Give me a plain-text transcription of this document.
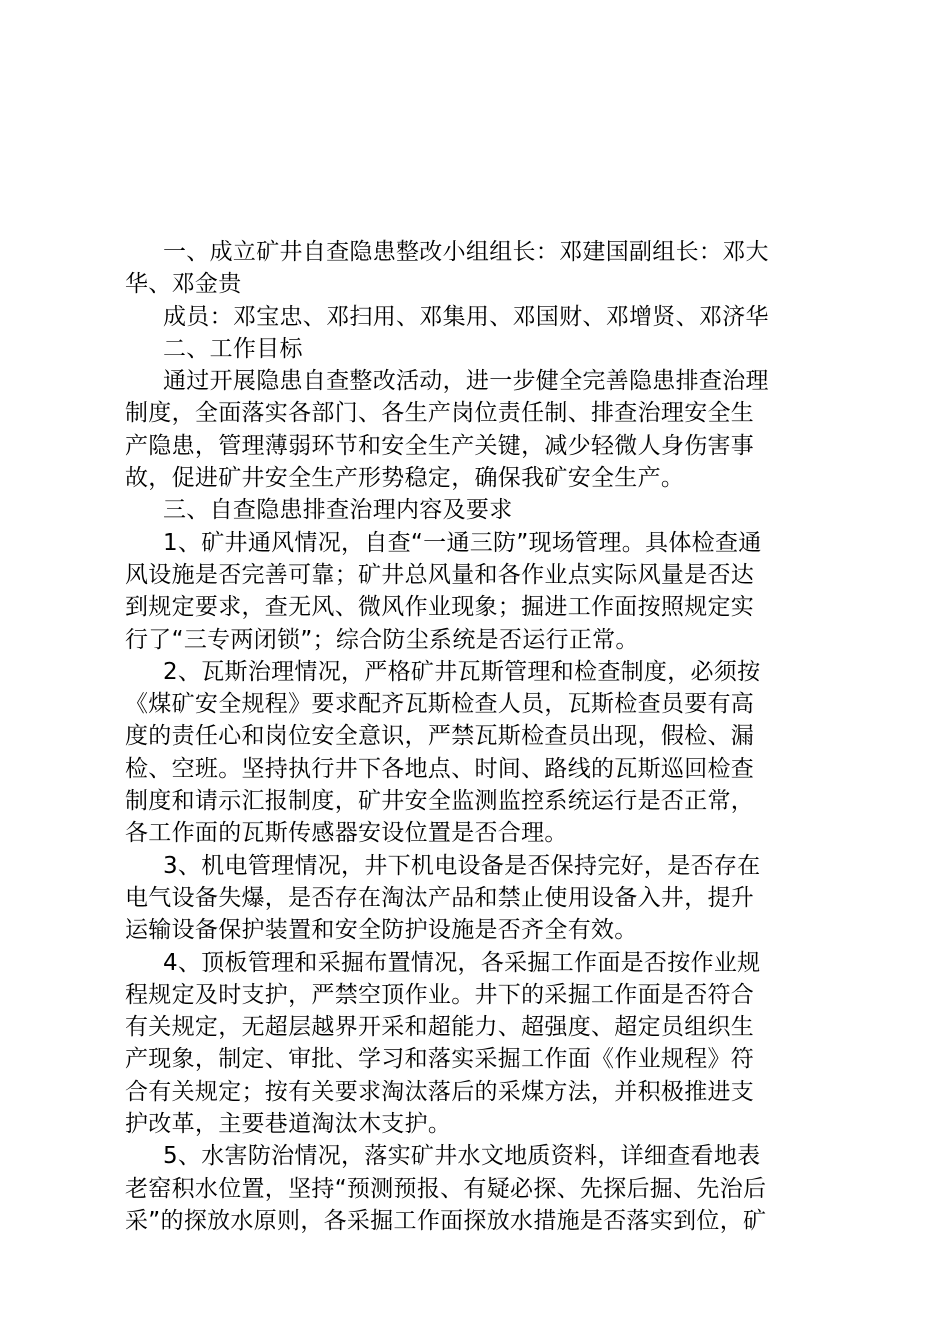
一、成立矿井自查隐患整改小组组长：邓建国副组长：邓大
华、邓金贵
成员：邓宝忠、邓扫用、邓集用、邓国财、邓增贤、邓济华
二、工作目标
通过开展隐患自查整改活动，进一步健全完善隐患排查治理
制度，全面落实各部门、各生产岗位责任制、排查治理安全生
产隐患，管理薄弱环节和安全生产关键，减少轻微人身伤害事
故，促进矿井安全生产形势稳定，确保我矿安全生产。
三、自查隐患排查治理内容及要求
1、矿井通风情况，自查“一通三防”现场管理。具体检查通
风设施是否完善可靠；矿井总风量和各作业点实际风量是否达
到规定要求，查无风、微风作业现象；掘进工作面按照规定实
行了“三专两闭锁”；综合防尘系统是否运行正常。
2、瓦斯治理情况，严格矿井瓦斯管理和检查制度，必须按
《煤矿安全规程》要求配齐瓦斯检查人员，瓦斯检查员要有高
度的责任心和岗位安全意识，严禁瓦斯检查员出现，假检、漏
检、空班。坚持执行井下各地点、时间、路线的瓦斯巡回检查
制度和请示汇报制度，矿井安全监测监控系统运行是否正常，
各工作面的瓦斯传感器安设位置是否合理。
3、机电管理情况，井下机电设备是否保持完好，是否存在
电气设备失爆，是否存在淘汰产品和禁止使用设备入井，提升
运输设备保护装置和安全防护设施是否齐全有效。
4、顶板管理和采掘布置情况，各采掘工作面是否按作业规
程规定及时支护，严禁空顶作业。井下的采掘工作面是否符合
有关规定，无超层越界开采和超能力、超强度、超定员组织生
产现象，制定、审批、学习和落实采掘工作面《作业规程》符
合有关规定；按有关要求淘汰落后的采煤方法，并积极推进支
护改革，主要巷道淘汰木支护。
5、水害防治情况，落实矿井水文地质资料，详细查看地表
老窑积水位置，坚持“预测预报、有疑必探、先探后掘、先治后
采”的探放水原则，各采掘工作面探放水措施是否落实到位，矿
